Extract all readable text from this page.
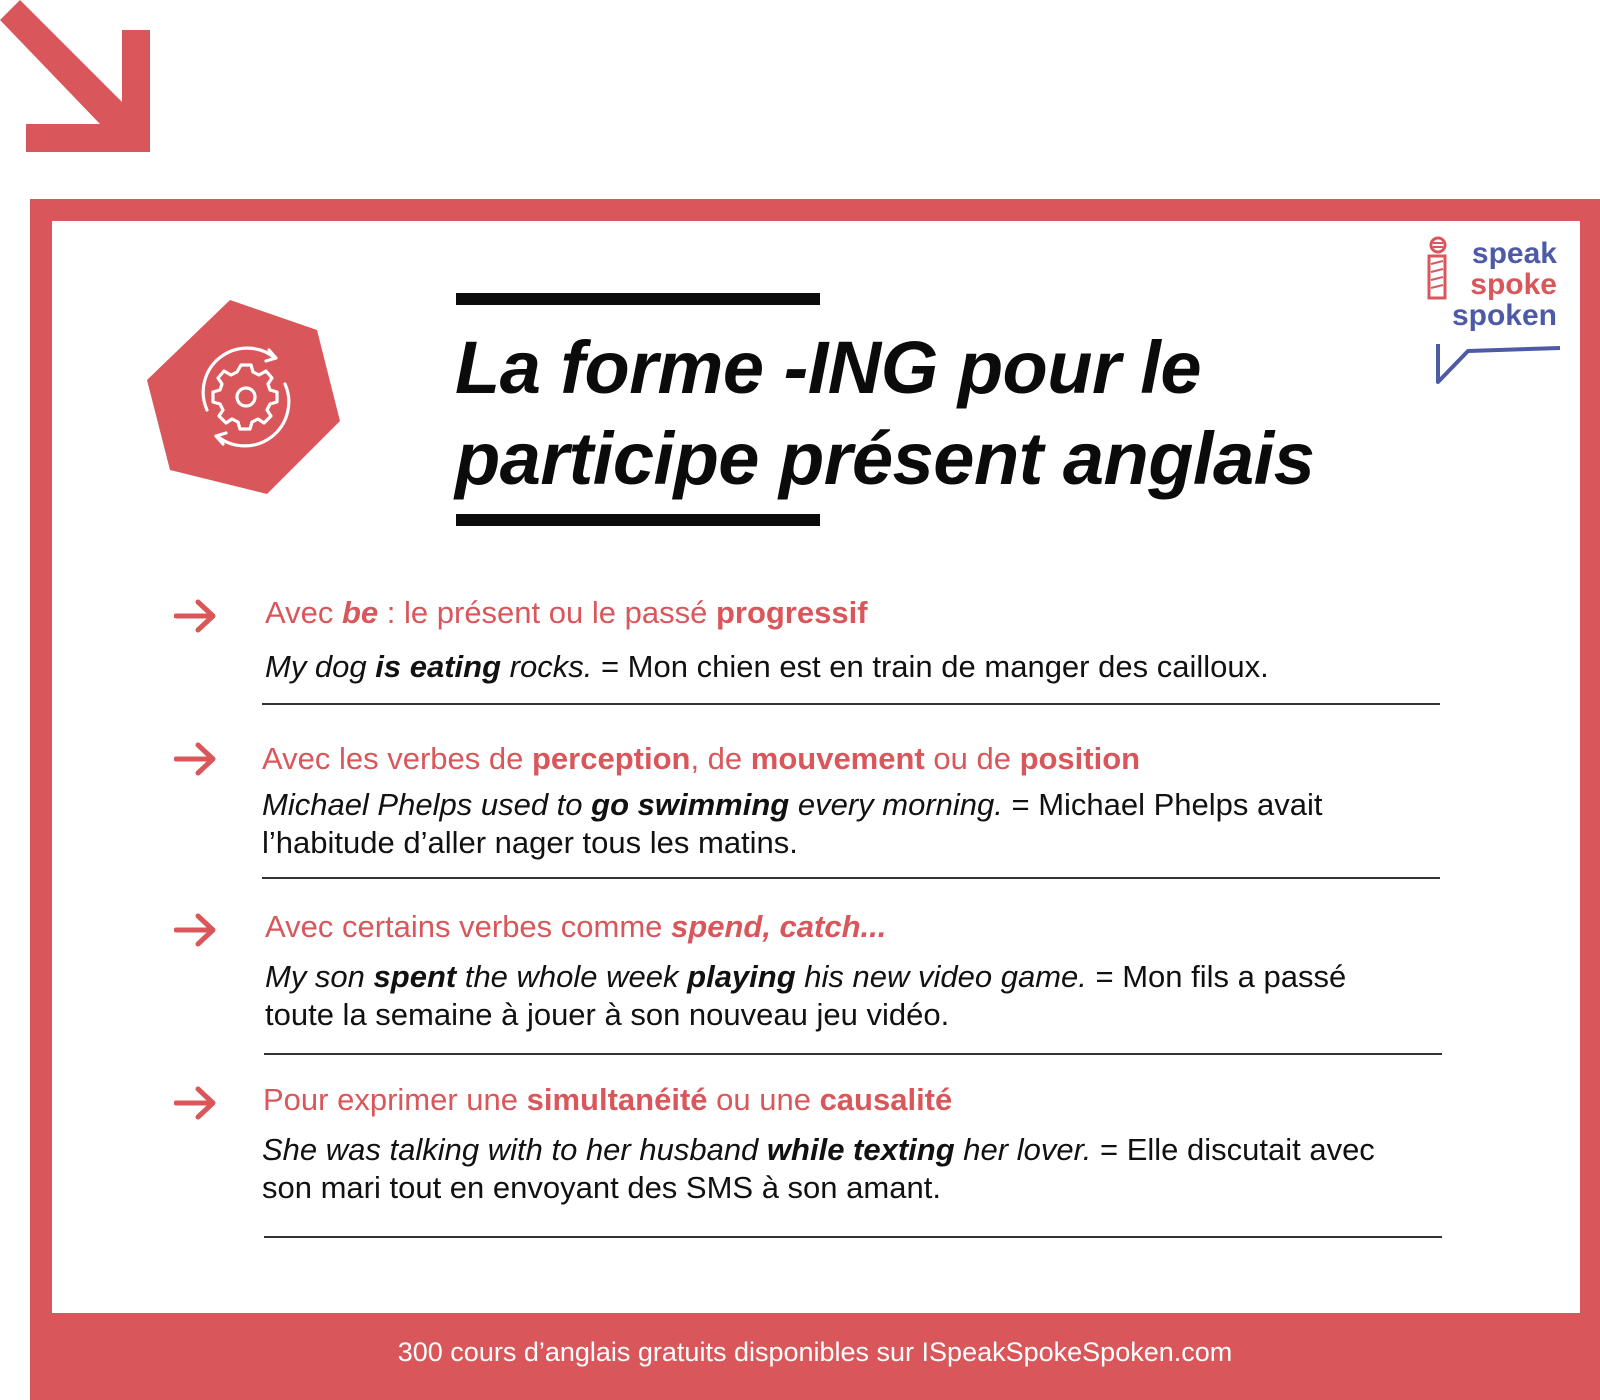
La forme -ING pour le
participe présent anglais
speak
spoke
spoken
Avec be : le présent ou le passé progressif
My dog is eating rocks. = Mon chien est en train de manger des cailloux.
Avec les verbes de perception, de mouvement ou de position
Michael Phelps used to go swimming every morning. = Michael Phelps avait l’habitude d’aller nager tous les matins.
Avec certains verbes comme spend, catch...
My son spent the whole week playing his new video game. = Mon fils a passé toute la semaine à jouer à son nouveau jeu vidéo.
Pour exprimer une simultanéité ou une causalité
She was talking with to her husband while texting her lover. = Elle discutait avec son mari tout en envoyant des SMS à son amant.
300 cours d’anglais gratuits disponibles sur ISpeakSpokeSpoken.com
